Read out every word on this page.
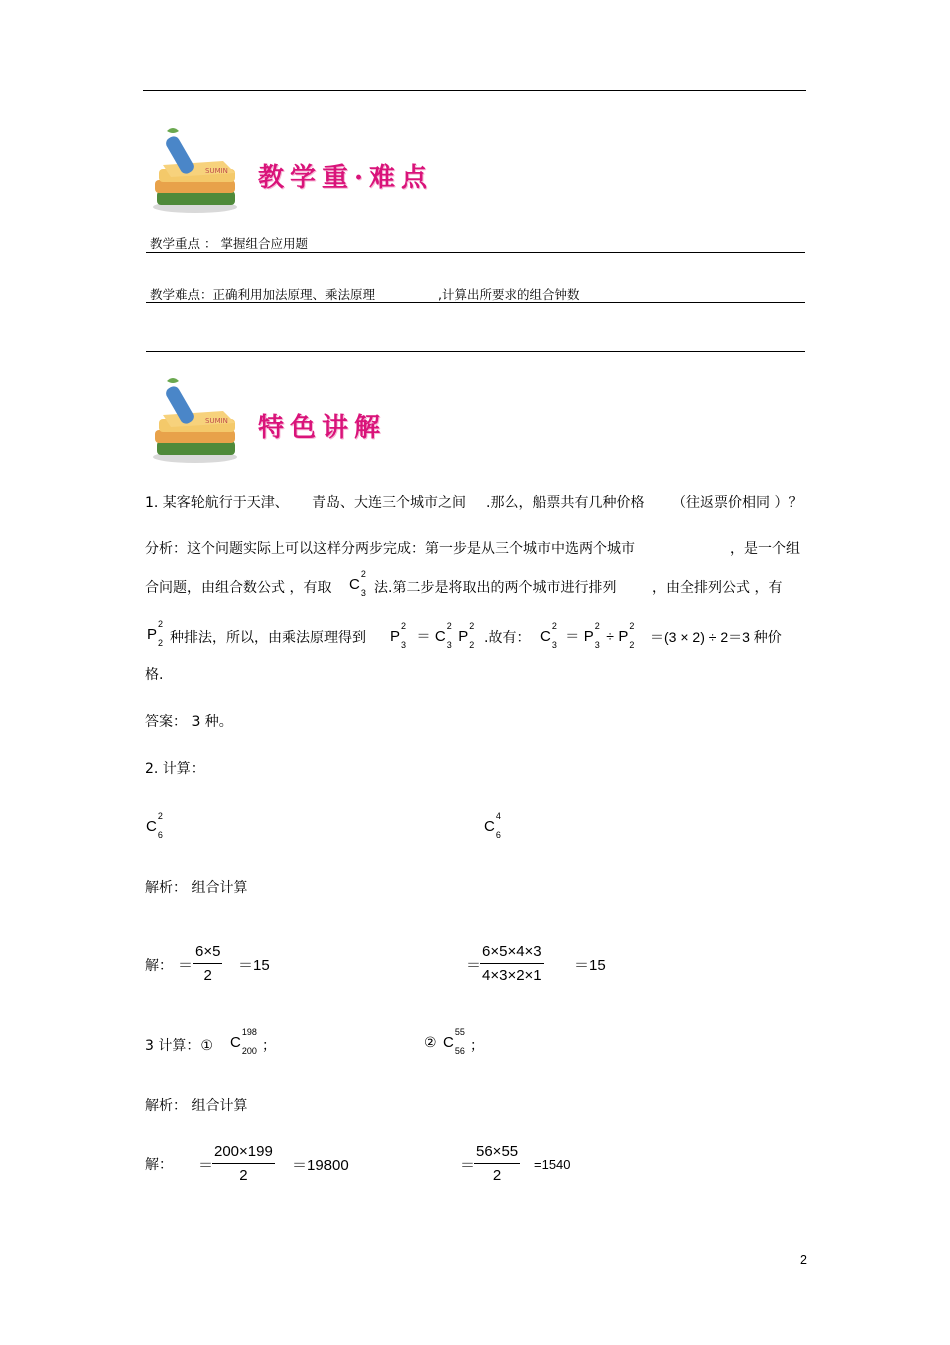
SUMIN 教学重·难点
教学重点 ： 掌握组合应用题
教学难点：正确利用加法原理、乘法原理	,计算出所要求的组合钟数
SUMIN 特色讲解
1. 某客轮航行于天津、 青岛、大连三个城市之间 .那么，船票共有几种价格 （往返票价相同 ）？
分析：这个问题实际上可以这样分两步完成：第一步是从三个城市中选两个城市	，是一个组
合问题，由组合数公式 ，有取 C
2
3 法.第二步是将取出的两个城市进行排列	，由全排列公式 ，有
P
2
2 种排法，所以，由乘法原理得到 P
2
3
＝ C
2
3 P
2
2 .故有： C
2
3
＝ P
2
3
÷ P
2
2 ＝(3 × 2) ÷ 2＝3 种价
格.
答案： 3 种。
2. 计算：
C
2
6	C
4
6
解析： 组合计算
解： ＝ $\frac{6\times 5}{2} =15$	＝
$\frac{6\times 5\times 4\times 3}{4\times 3\times 2\times 1} =15$
3 计算：① C
198
200 ；	② C
55
56 ；
解析： 组合计算
解： ＝
$\frac{200\times 199}{2} =19800$	＝
$\frac{56\times 55}{2} =1540$
2
